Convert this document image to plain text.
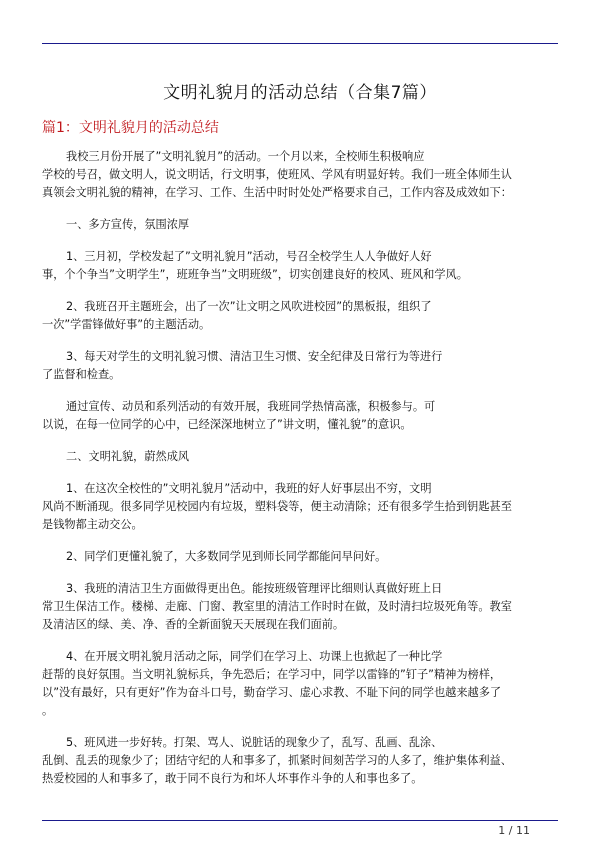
文明礼貌月的活动总结（合集7篇）
篇1：文明礼貌月的活动总结
我校三月份开展了”文明礼貌月”的活动。一个月以来，全校师生积极响应
学校的号召，做文明人，说文明话，行文明事，使班风、学风有明显好转。我们一班全体师生认
真领会文明礼貌的精神，在学习、工作、生活中时时处处严格要求自己，工作内容及成效如下：
一、多方宣传，氛围浓厚
1、三月初，学校发起了”文明礼貌月”活动，号召全校学生人人争做好人好
事，个个争当”文明学生”，班班争当”文明班级”，切实创建良好的校风、班风和学风。
2、我班召开主题班会，出了一次”让文明之风吹进校园”的黑板报，组织了
一次”学雷锋做好事”的主题活动。
3、每天对学生的文明礼貌习惯、清洁卫生习惯、安全纪律及日常行为等进行
了监督和检查。
通过宣传、动员和系列活动的有效开展，我班同学热情高涨，积极参与。可
以说，在每一位同学的心中，已经深深地树立了”讲文明，懂礼貌”的意识。
二、文明礼貌，蔚然成风
1、在这次全校性的”文明礼貌月”活动中，我班的好人好事层出不穷，文明
风尚不断涌现。很多同学见校园内有垃圾，塑料袋等，便主动清除；还有很多学生拾到钥匙甚至
是钱物都主动交公。
2、同学们更懂礼貌了，大多数同学见到师长同学都能问早问好。
3、我班的清洁卫生方面做得更出色。能按班级管理评比细则认真做好班上日
常卫生保洁工作。楼梯、走廊、门窗、教室里的清洁工作时时在做，及时清扫垃圾死角等。教室
及清洁区的绿、美、净、香的全新面貌天天展现在我们面前。
4、在开展文明礼貌月活动之际，同学们在学习上、功课上也掀起了一种比学
赶帮的良好氛围。当文明礼貌标兵，争先恐后；在学习中，同学以雷锋的”钉子”精神为榜样，
以”没有最好，只有更好”作为奋斗口号，勤奋学习、虚心求教、不耻下问的同学也越来越多了
。
5、班风进一步好转。打架、骂人、说脏话的现象少了，乱写、乱画、乱涂、
乱倒、乱丢的现象少了；团结守纪的人和事多了，抓紧时间刻苦学习的人多了，维护集体利益、
热爱校园的人和事多了，敢于同不良行为和坏人坏事作斗争的人和事也多了。
1 / 11
